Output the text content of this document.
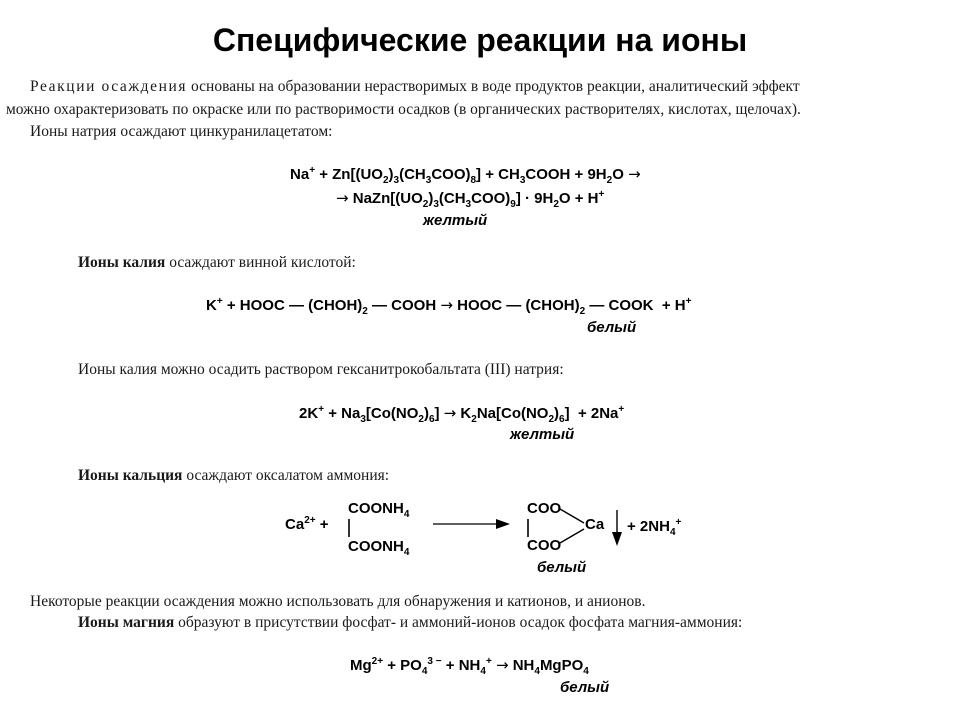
Специфические реакции на ионы
Реакции осаждения основаны на образовании нерастворимых в воде продуктов реакции, аналитический эффект
можно охарактеризовать по окраске или по растворимости осадков (в органических растворителях, кислотах, щелочах).
Ионы натрия осаждают цинкуранилацетатом:
$Na^+ + Zn[(UO_2)_3(CH_3COO)_8]$ + $CH_3COOH + 9H_2O$ →
→ $NaZn[(UO_2)_3(CH_3COO)_9] \cdot 9H_2O + H^+$
желтый
Ионы калия осаждают винной кислотой:
K+ + HOOC — $(CHOH)_2$ — COOH → HOOC — $(CHOH)_2$ — COOK  + H+
белый
Ионы калия можно осадить раствором гексанитрокобальтата (III) натрия:
$2K^+ + Na_3[Co(NO_2)_6] \to K_2Na[Co(NO_2)_6] + 2Na^+$
желтый
Ионы кальция осаждают оксалатом аммония:
$Ca^{2+}$ +
$COONH_4$
$COONH_4$
COO
COO
$Ca + 2NH_4^+$
белый
Некоторые реакции осаждения можно использовать для обнаружения и катионов, и анионов.
Ионы магния образуют в присутствии фосфат- и аммоний-ионов осадок фосфата магния-аммония:
$Mg^{2+} + PO_4^{3 -} + NH_4^+$ → $NH_4MgPO_4$
белый
